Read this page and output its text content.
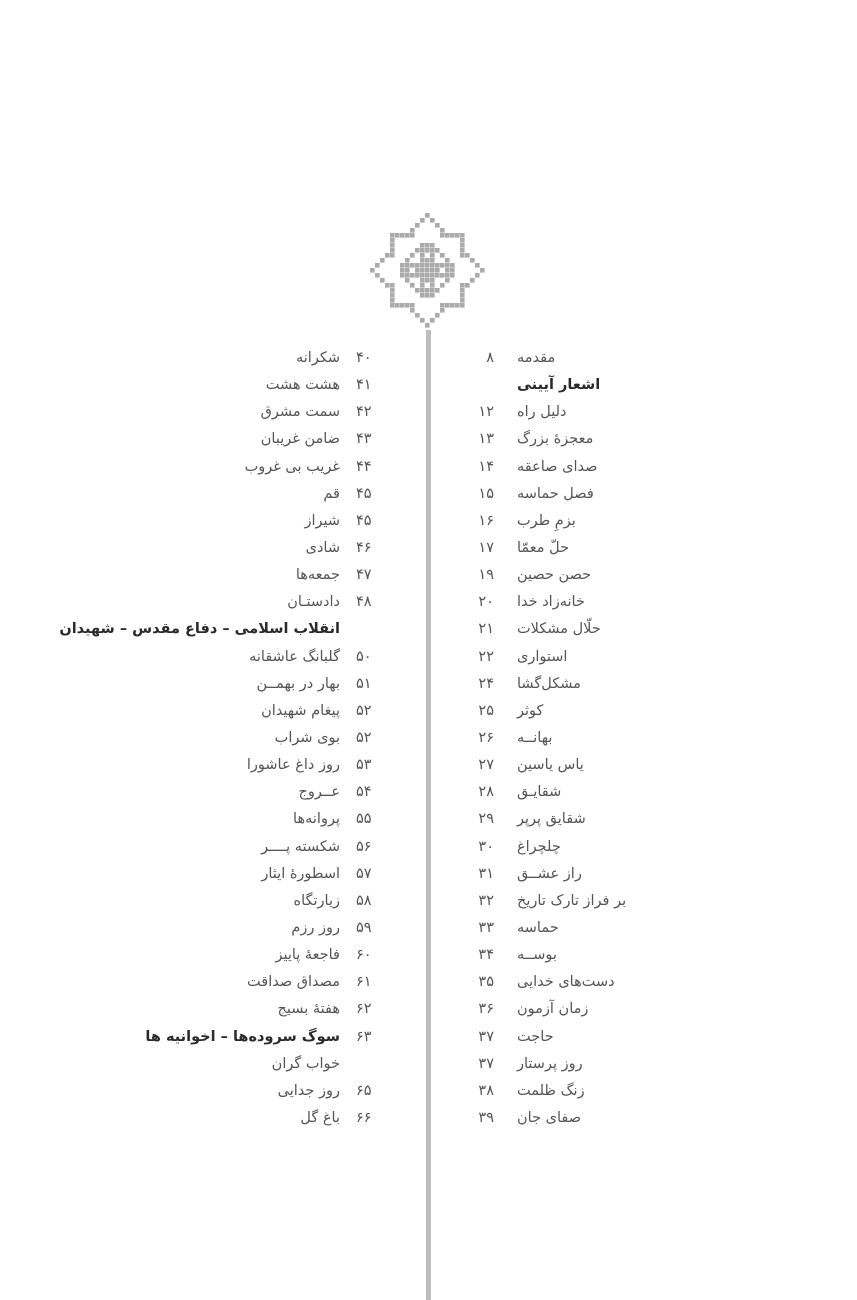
۴۰
شکرانه
۴۱
هشت هشت
۴۲
سمت مشرق
۴۳
ضامن غریبان
۴۴
غریب بی غروب
۴۵
قم
۴۵
شیراز
۴۶
شادی
۴۷
جمعه‌ها
۴۸
دادستـان
انقلاب اسلامی – دفاع مقدس – شهیدان
۵۰
گلبانگ عاشقانه
۵۱
بهار در بهمــن
۵۲
پیغام شهیدان
۵۲
بوی شراب
۵۳
روز داغ عاشورا
۵۴
عــروج
۵۵
پروانه‌ها
۵۶
شکسته پــــر
۵۷
اسطورهٔ ایثار
۵۸
زیارتگاه
۵۹
روز رزم
۶۰
فاجعهٔ پاییز
۶۱
مصداق صداقت
۶۲
هفتهٔ بسیج
۶۳
سوگ سروده‌ها – اخوانیه ها
خواب گران
۶۵
روز جدایی
۶۶
باغ گل
۸ مقدمه
اشعار آیینی
۱۲ دلیل راه
۱۳ معجزهٔ بزرگ
۱۴ صدای صاعقه
۱۵ فصل حماسه
۱۶ بزمِ طرب
۱۷ حلّ معمّا
۱۹ حصن حصین
۲۰ خانه‌زاد خدا
۲۱ حلّال مشکلات
۲۲ استواری
۲۴ مشکل‌گشا
۲۵ کوثر
۲۶ بهانــه
۲۷ یاس یاسین
۲۸ شقایـق
۲۹ شقایق پرپر
۳۰ چلچراغ
۳۱ راز عشــق
۳۲ بر فراز تارک تاریخ
۳۳ حماسه
۳۴ بوســه
۳۵ دست‌های خدایی
۳۶ زمان آزمون
۳۷ حاجت
۳۷ روز پرستار
۳۸ زنگ ظلمت
۳۹ صفای جان
